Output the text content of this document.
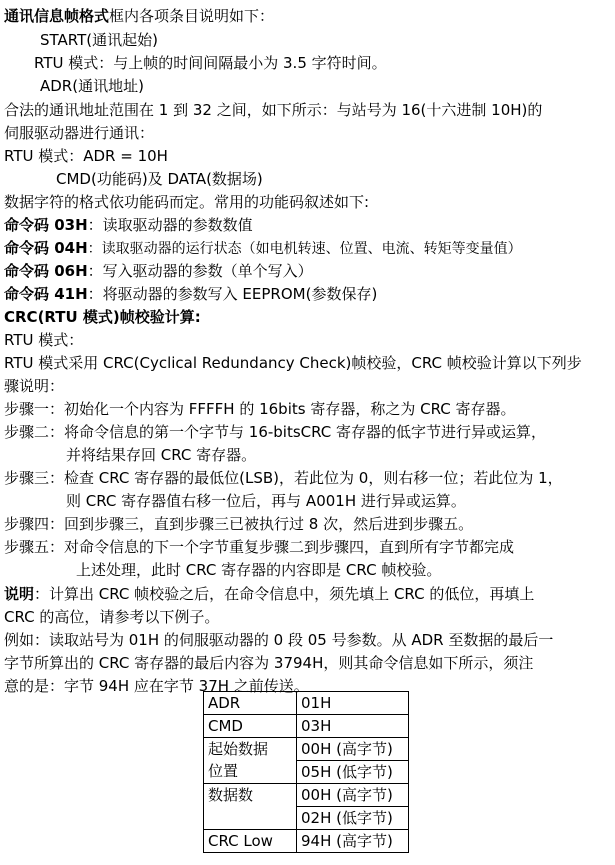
通讯信息帧格式框内各项条目说明如下：
START(通讯起始)
RTU 模式：与上帧的时间间隔最小为 3.5 字符时间。
ADR(通讯地址)
合法的通讯地址范围在 1 到 32 之间，如下所示：与站号为 16(十六进制 10H)的
伺服驱动器进行通讯：
RTU 模式：ADR = 10H
CMD(功能码)及 DATA(数据场)
数据字符的格式依功能码而定。常用的功能码叙述如下:
命令码 03H：读取驱动器的参数数值
命令码 04H：读取驱动器的运行状态（如电机转速、位置、电流、转矩等变量值）
命令码 06H：写入驱动器的参数（单个写入）
命令码 41H：将驱动器的参数写入 EEPROM(参数保存)
CRC(RTU 模式)帧校验计算:
RTU 模式：
RTU 模式采用 CRC(Cyclical Redundancy Check)帧校验，CRC 帧校验计算以下列步
骤说明：
步骤一：初始化一个内容为 FFFFH 的 16bits 寄存器，称之为 CRC 寄存器。
步骤二：将命令信息的第一个字节与 16-bitsCRC 寄存器的低字节进行异或运算，
并将结果存回 CRC 寄存器。
步骤三：检查 CRC 寄存器的最低位(LSB)，若此位为 0，则右移一位；若此位为 1，
则 CRC 寄存器值右移一位后，再与 A001H 进行异或运算。
步骤四：回到步骤三，直到步骤三已被执行过 8 次，然后进到步骤五。
步骤五：对命令信息的下一个字节重复步骤二到步骤四，直到所有字节都完成
上述处理，此时 CRC 寄存器的内容即是 CRC 帧校验。
说明：计算出 CRC 帧校验之后，在命令信息中，须先填上 CRC 的低位，再填上
CRC 的高位，请参考以下例子。
例如：读取站号为 01H 的伺服驱动器的 0 段 05 号参数。从 ADR 至数据的最后一
字节所算出的 CRC 寄存器的最后内容为 3794H，则其命令信息如下所示，须注
意的是：字节 94H 应在字节 37H 之前传送。
ADR	01H
CMD	03H

起始数据
位置	00H (高字节)
	05H (低字节)
数据数	00H (高字节)
	02H (低字节)
CRC Low	94H (高字节)
